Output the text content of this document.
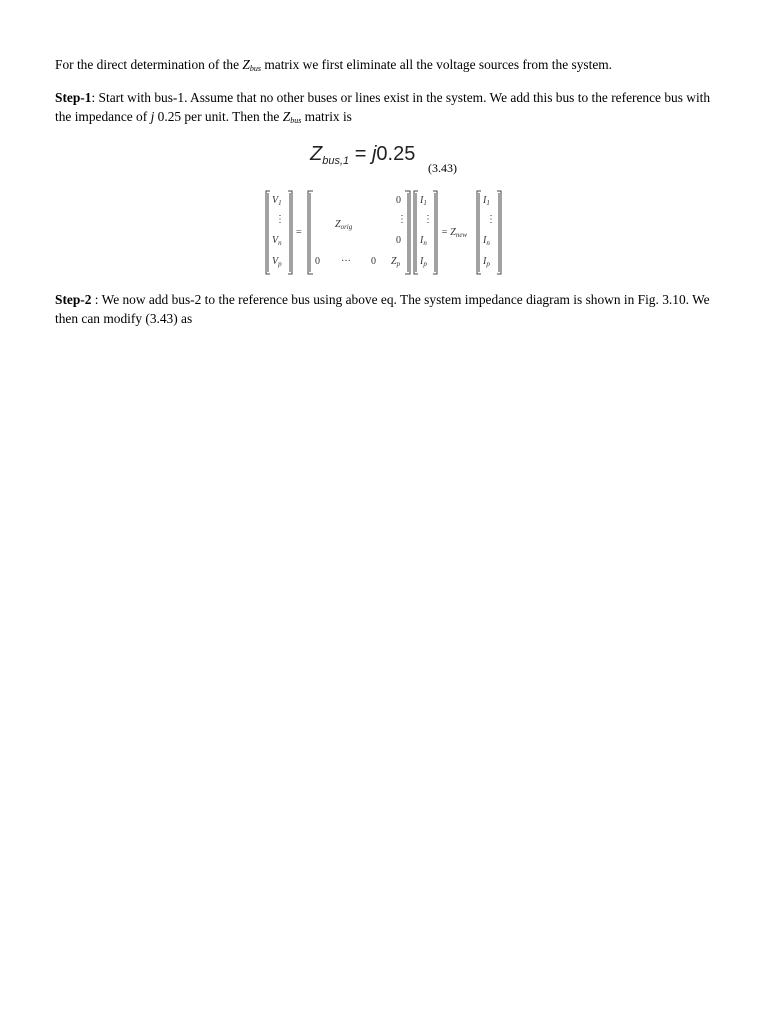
For the direct determination of the $Z_{bus}$ matrix we first eliminate all the voltage sources from the system.

Step-1: Start with bus-1. Assume that no other buses or lines exist in the system. We add this bus to the reference bus with the impedance of j 0.25 per unit. Then the $Z_{bus}$ matrix is

$Z_{bus,1} = j0.25$
(3.43)
$V_1$
⋮
$V_n$
$V_p$
=
$Z_{orig}$
0
⋮
0
0 ··· 0 $Z_p$
$I_1$
⋮
$I_n$
$I_p$
= $Z_{new}$
$I_1$
⋮
$I_n$
$I_p$

Step-2 : We now add bus-2 to the reference bus using above eq. The system impedance diagram is shown in Fig. 3.10. We then can modify (3.43) as
